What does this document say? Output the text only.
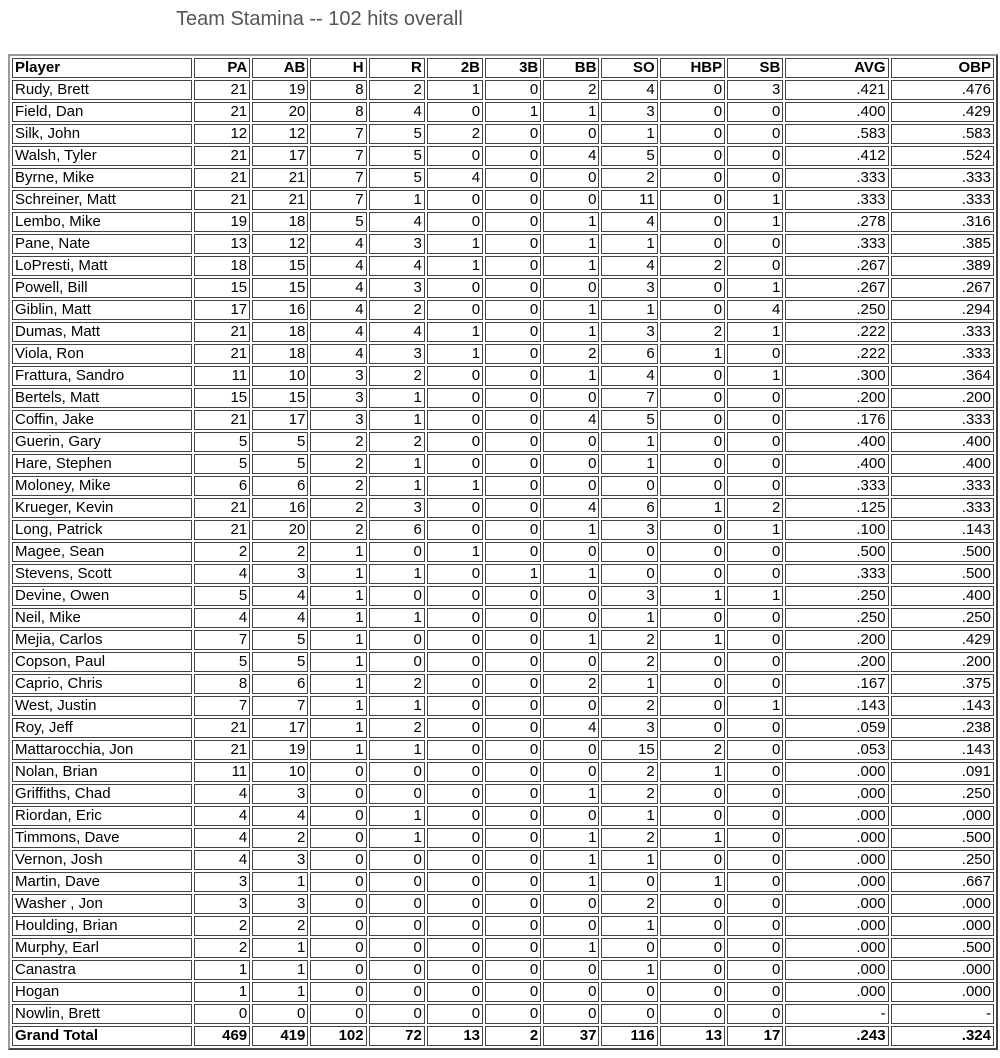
Team Stamina -- 102 hits overall
Player	PA	AB	H	R	2B	3B	BB	SO	HBP	SB	AVG	OBP
Rudy, Brett	21	19	8	2	1	0	2	4	0	3	.421	.476
Field, Dan	21	20	8	4	0	1	1	3	0	0	.400	.429
Silk, John	12	12	7	5	2	0	0	1	0	0	.583	.583
Walsh, Tyler	21	17	7	5	0	0	4	5	0	0	.412	.524
Byrne, Mike	21	21	7	5	4	0	0	2	0	0	.333	.333
Schreiner, Matt	21	21	7	1	0	0	0	11	0	1	.333	.333
Lembo, Mike	19	18	5	4	0	0	1	4	0	1	.278	.316
Pane, Nate	13	12	4	3	1	0	1	1	0	0	.333	.385
LoPresti, Matt	18	15	4	4	1	0	1	4	2	0	.267	.389
Powell, Bill	15	15	4	3	0	0	0	3	0	1	.267	.267
Giblin, Matt	17	16	4	2	0	0	1	1	0	4	.250	.294
Dumas, Matt	21	18	4	4	1	0	1	3	2	1	.222	.333
Viola, Ron	21	18	4	3	1	0	2	6	1	0	.222	.333
Frattura, Sandro	11	10	3	2	0	0	1	4	0	1	.300	.364
Bertels, Matt	15	15	3	1	0	0	0	7	0	0	.200	.200
Coffin, Jake	21	17	3	1	0	0	4	5	0	0	.176	.333
Guerin, Gary	5	5	2	2	0	0	0	1	0	0	.400	.400
Hare, Stephen	5	5	2	1	0	0	0	1	0	0	.400	.400
Moloney, Mike	6	6	2	1	1	0	0	0	0	0	.333	.333
Krueger, Kevin	21	16	2	3	0	0	4	6	1	2	.125	.333
Long, Patrick	21	20	2	6	0	0	1	3	0	1	.100	.143
Magee, Sean	2	2	1	0	1	0	0	0	0	0	.500	.500
Stevens, Scott	4	3	1	1	0	1	1	0	0	0	.333	.500
Devine, Owen	5	4	1	0	0	0	0	3	1	1	.250	.400
Neil, Mike	4	4	1	1	0	0	0	1	0	0	.250	.250
Mejia, Carlos	7	5	1	0	0	0	1	2	1	0	.200	.429
Copson, Paul	5	5	1	0	0	0	0	2	0	0	.200	.200
Caprio, Chris	8	6	1	2	0	0	2	1	0	0	.167	.375
West, Justin	7	7	1	1	0	0	0	2	0	1	.143	.143
Roy, Jeff	21	17	1	2	0	0	4	3	0	0	.059	.238
Mattarocchia, Jon	21	19	1	1	0	0	0	15	2	0	.053	.143
Nolan, Brian	11	10	0	0	0	0	0	2	1	0	.000	.091
Griffiths, Chad	4	3	0	0	0	0	1	2	0	0	.000	.250
Riordan, Eric	4	4	0	1	0	0	0	1	0	0	.000	.000
Timmons, Dave	4	2	0	1	0	0	1	2	1	0	.000	.500
Vernon, Josh	4	3	0	0	0	0	1	1	0	0	.000	.250
Martin, Dave	3	1	0	0	0	0	1	0	1	0	.000	.667
Washer , Jon	3	3	0	0	0	0	0	2	0	0	.000	.000
Houlding, Brian	2	2	0	0	0	0	0	1	0	0	.000	.000
Murphy, Earl	2	1	0	0	0	0	1	0	0	0	.000	.500
Canastra	1	1	0	0	0	0	0	1	0	0	.000	.000
Hogan	1	1	0	0	0	0	0	0	0	0	.000	.000
Nowlin, Brett	0	0	0	0	0	0	0	0	0	0	-	-
Grand Total	469	419	102	72	13	2	37	116	13	17	.243	.324
